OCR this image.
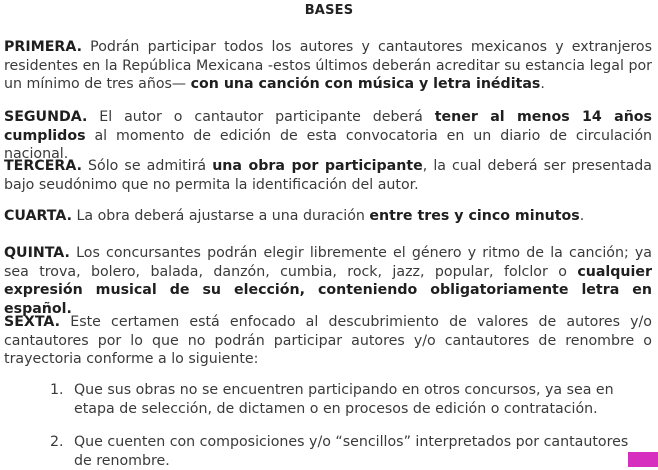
BASES

PRIMERA. Podrán participar todos los autores y cantautores mexicanos y extranjeros residentes en la República Mexicana -estos últimos deberán acreditar su estancia legal por un mínimo de tres años— con una canción con música y letra inéditas.

SEGUNDA. El autor o cantautor participante deberá tener al menos 14 años cumplidos al momento de edición de esta convocatoria en un diario de circulación nacional.

TERCERA. Sólo se admitirá una obra por participante, la cual deberá ser presentada bajo seudónimo que no permita la identificación del autor.

CUARTA. La obra deberá ajustarse a una duración entre tres y cinco minutos.

QUINTA. Los concursantes podrán elegir libremente el género y ritmo de la canción; ya sea trova, bolero, balada, danzón, cumbia, rock, jazz, popular, folclor o cualquier expresión musical de su elección, conteniendo obligatoriamente letra en español.

SEXTA. Este certamen está enfocado al descubrimiento de valores de autores y/o cantautores por lo que no podrán participar autores y/o cantautores de renombre o trayectoria conforme a lo siguiente:

1. Que sus obras no se encuentren participando en otros concursos, ya sea en etapa de selección, de dictamen o en procesos de edición o contratación.
2. Que cuenten con composiciones y/o “sencillos” interpretados por cantautores de renombre.
